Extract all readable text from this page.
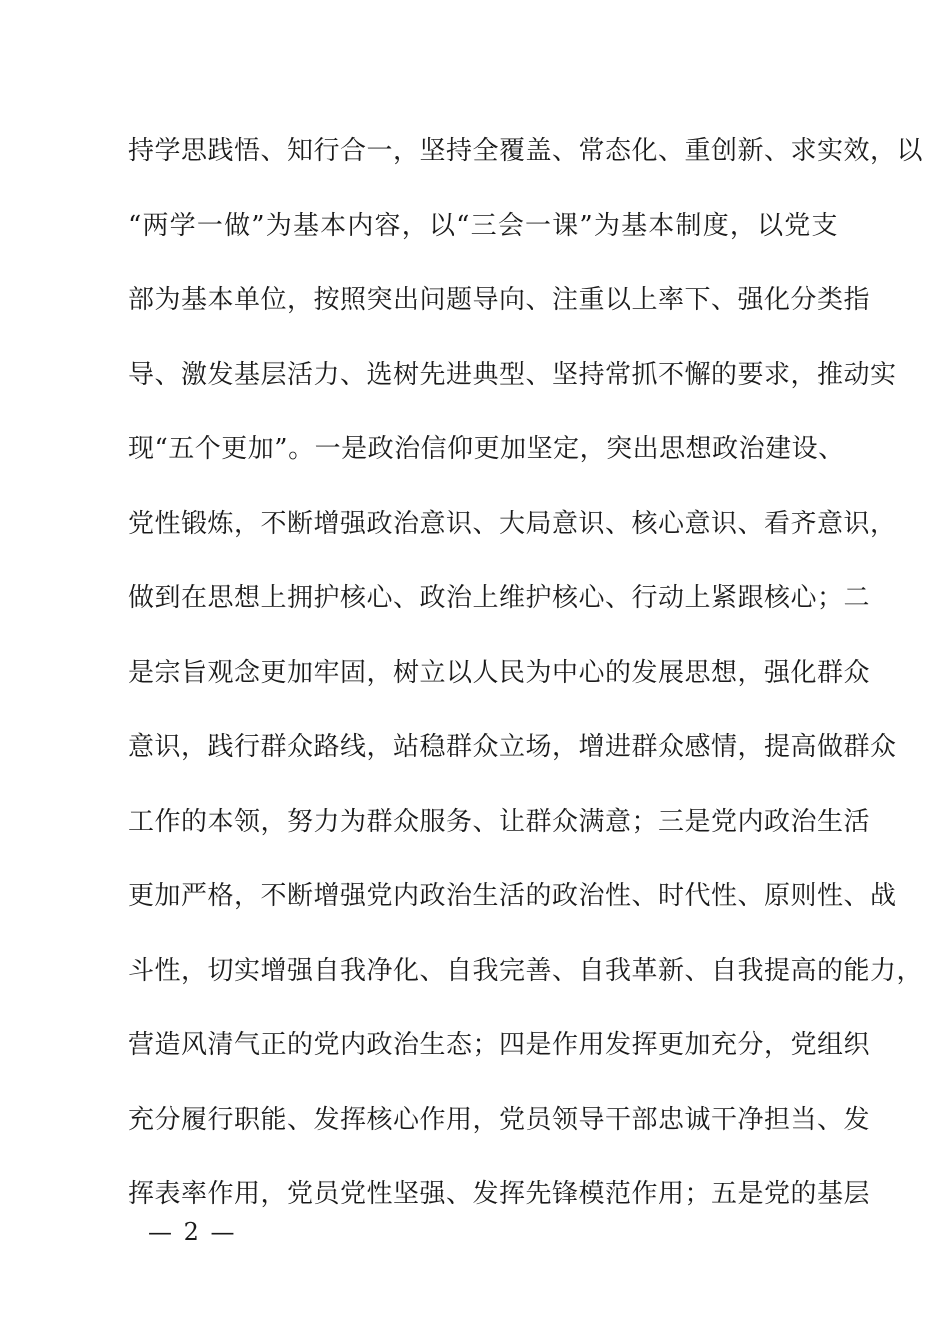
持学思践悟、知行合一，坚持全覆盖、常态化、重创新、求实效，以
“两学一做”为基本内容，以“三会一课”为基本制度，以党支
部为基本单位，按照突出问题导向、注重以上率下、强化分类指
导、激发基层活力、选树先进典型、坚持常抓不懈的要求，推动实
现“五个更加”。一是政治信仰更加坚定，突出思想政治建设、
党性锻炼，不断增强政治意识、大局意识、核心意识、看齐意识，
做到在思想上拥护核心、政治上维护核心、行动上紧跟核心；二
是宗旨观念更加牢固，树立以人民为中心的发展思想，强化群众
意识，践行群众路线，站稳群众立场，增进群众感情，提高做群众
工作的本领，努力为群众服务、让群众满意；三是党内政治生活
更加严格，不断增强党内政治生活的政治性、时代性、原则性、战
斗性，切实增强自我净化、自我完善、自我革新、自我提高的能力，
营造风清气正的党内政治生态；四是作用发挥更加充分，党组织
充分履行职能、发挥核心作用，党员领导干部忠诚干净担当、发
挥表率作用，党员党性坚强、发挥先锋模范作用；五是党的基层
— 2 —
